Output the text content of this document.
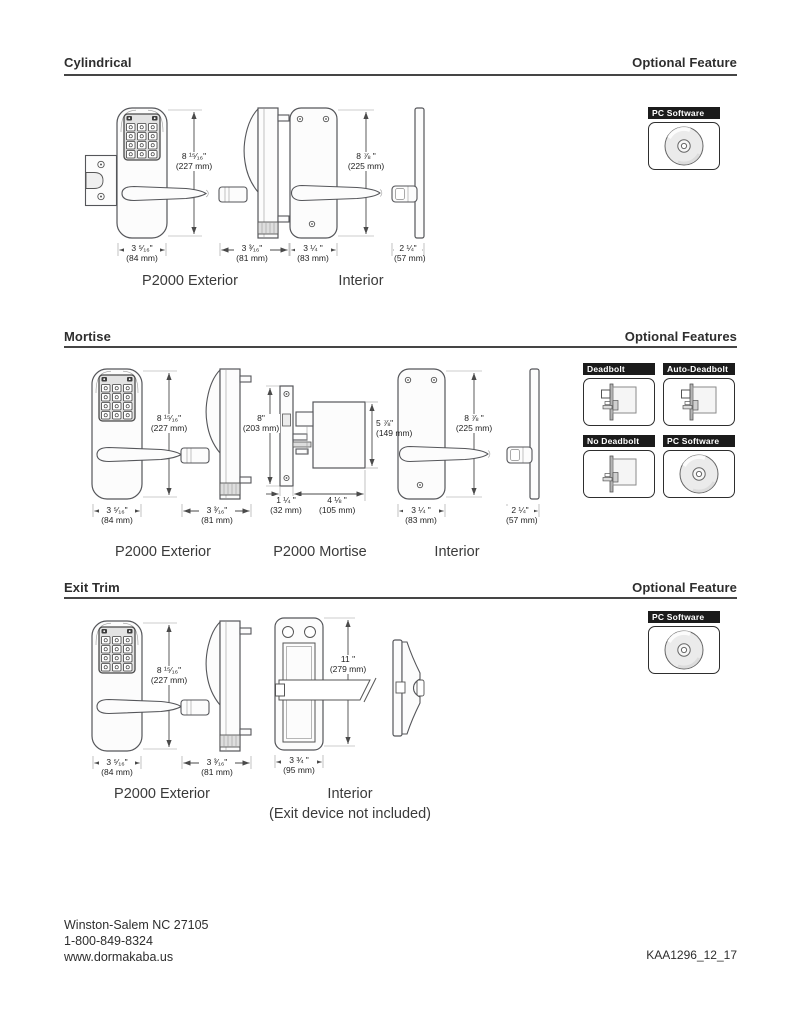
Cylindrical	Optional Feature
8 ¹⁵⁄₁₆"
(227 mm)
3 ⁵⁄₁₆"
(84 mm)
3 ³⁄₁₆"
(81 mm)
8 ⅞ "
(225 mm)
3 ¼ "
(83 mm)
2 ¼"
(57 mm)
P2000 Exterior	Interior
PC Software
Mortise	Optional Features
8 ¹⁵⁄₁₆"
(227 mm)
3 ⁵⁄₁₆"
(84 mm)
3 ³⁄₁₆"
(81 mm)
8"
(203 mm)
1 ¼ "
(32 mm)
4 ⅛ "
(105 mm)
5 ⅞"
(149 mm)
8 ⅞ "
(225 mm)
3 ¼ "
(83 mm)
2 ¼"
(57 mm)
P2000 Exterior	P2000 Mortise	Interior
Deadbolt	Auto-Deadbolt
No Deadbolt	PC Software
Exit Trim	Optional Feature
8 ¹⁵⁄₁₆"
(227 mm)
3 ⁵⁄₁₆"
(84 mm)
3 ³⁄₁₆"
(81 mm)
11 "
(279 mm)
3 ¾ "
(95 mm)
P2000 Exterior	Interior
(Exit device not included)
PC Software
Winston-Salem NC 27105
1-800-849-8324
www.dormakaba.us	KAA1296_12_17
